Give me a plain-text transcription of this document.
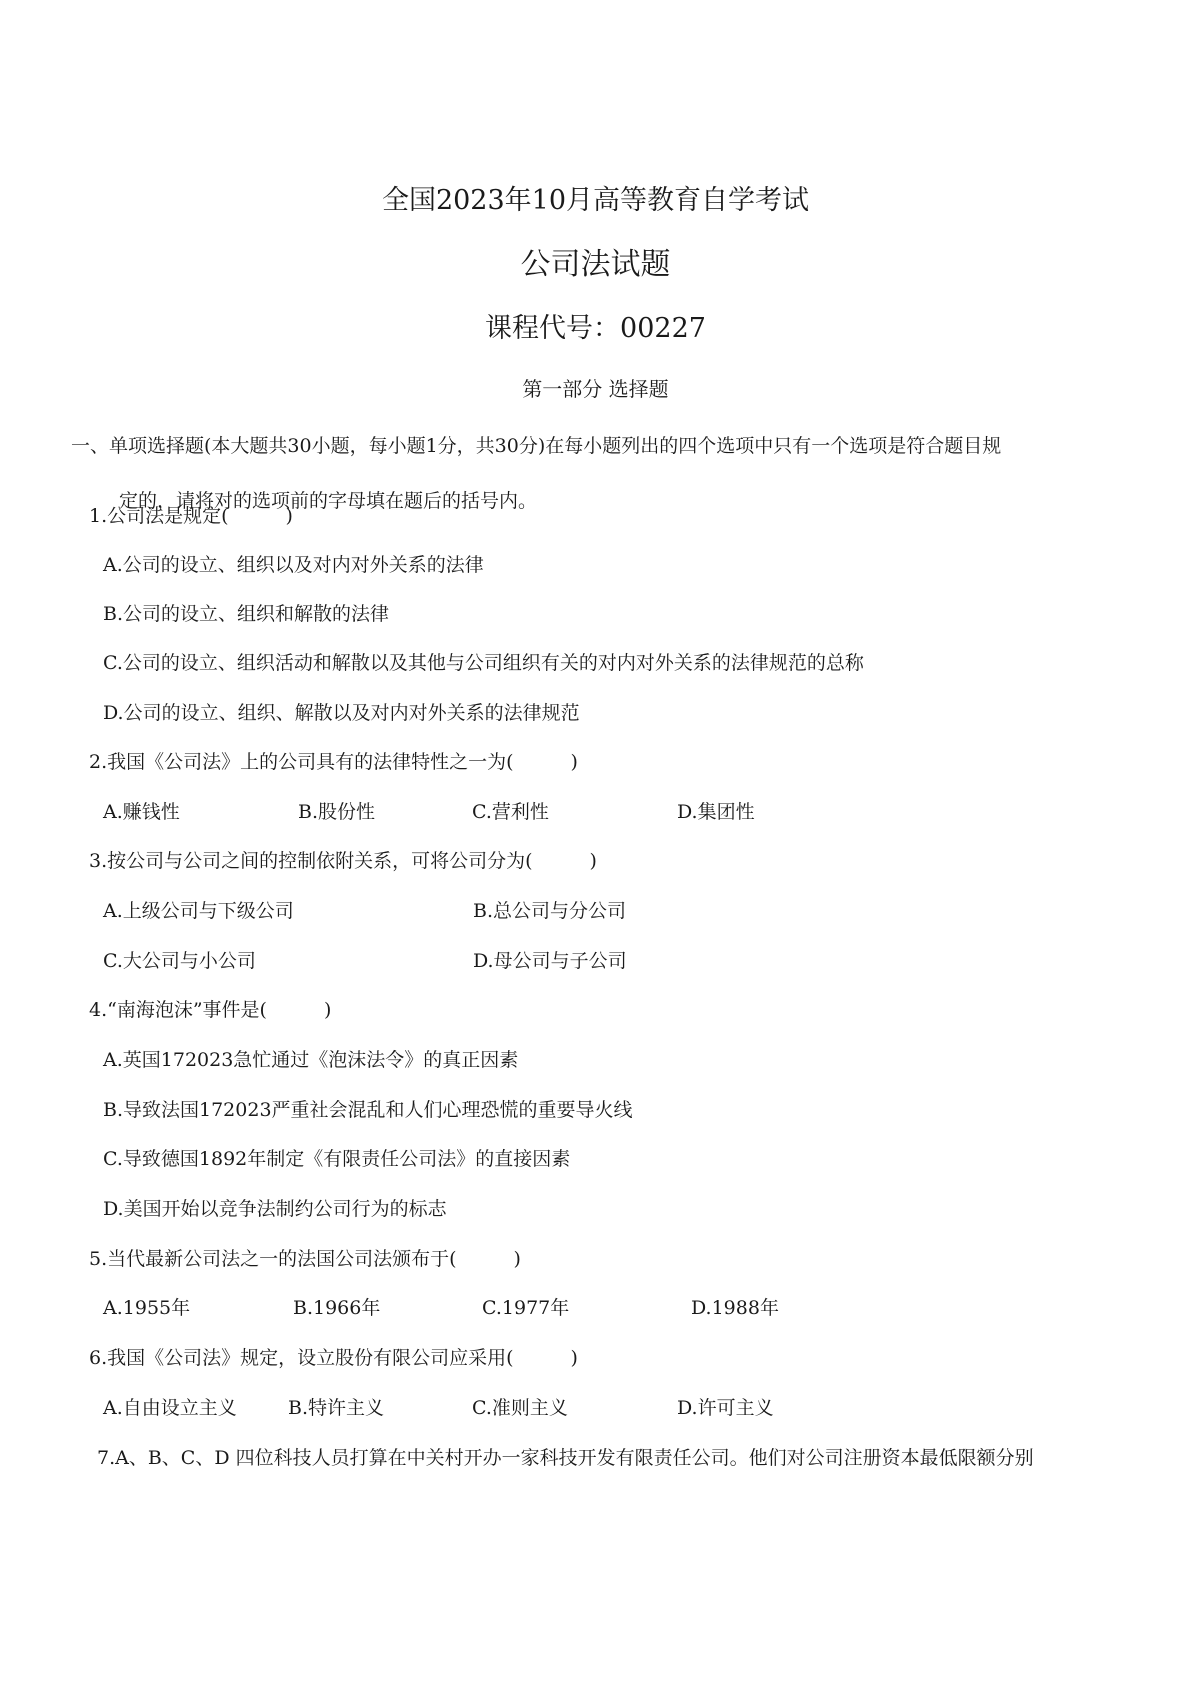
全国2023年10月高等教育自学考试
公司法试题
课程代号：00227
第一部分 选择题
一、单项选择题(本大题共30小题，每小题1分，共30分)在每小题列出的四个选项中只有一个选项是符合题目规
定的，请将对的选项前的字母填在题后的括号内。
1.公司法是规定(　　　)
A.公司的设立、组织以及对内对外关系的法律
B.公司的设立、组织和解散的法律
C.公司的设立、组织活动和解散以及其他与公司组织有关的对内对外关系的法律规范的总称
D.公司的设立、组织、解散以及对内对外关系的法律规范
2.我国《公司法》上的公司具有的法律特性之一为(　　　)
A.赚钱性	B.股份性	C.营利性	D.集团性
3.按公司与公司之间的控制依附关系，可将公司分为(　　　)
A.上级公司与下级公司	B.总公司与分公司
C.大公司与小公司	D.母公司与子公司
4.“南海泡沫”事件是(　　　)
A.英国172023急忙通过《泡沫法令》的真正因素
B.导致法国172023严重社会混乱和人们心理恐慌的重要导火线
C.导致德国1892年制定《有限责任公司法》的直接因素
D.美国开始以竞争法制约公司行为的标志
5.当代最新公司法之一的法国公司法颁布于(　　　)
A.1955年	B.1966年	C.1977年	D.1988年
6.我国《公司法》规定，设立股份有限公司应采用(　　　)
A.自由设立主义	B.特许主义	C.准则主义	D.许可主义
7.A、B、C、D 四位科技人员打算在中关村开办一家科技开发有限责任公司。他们对公司注册资本最低限额分别
